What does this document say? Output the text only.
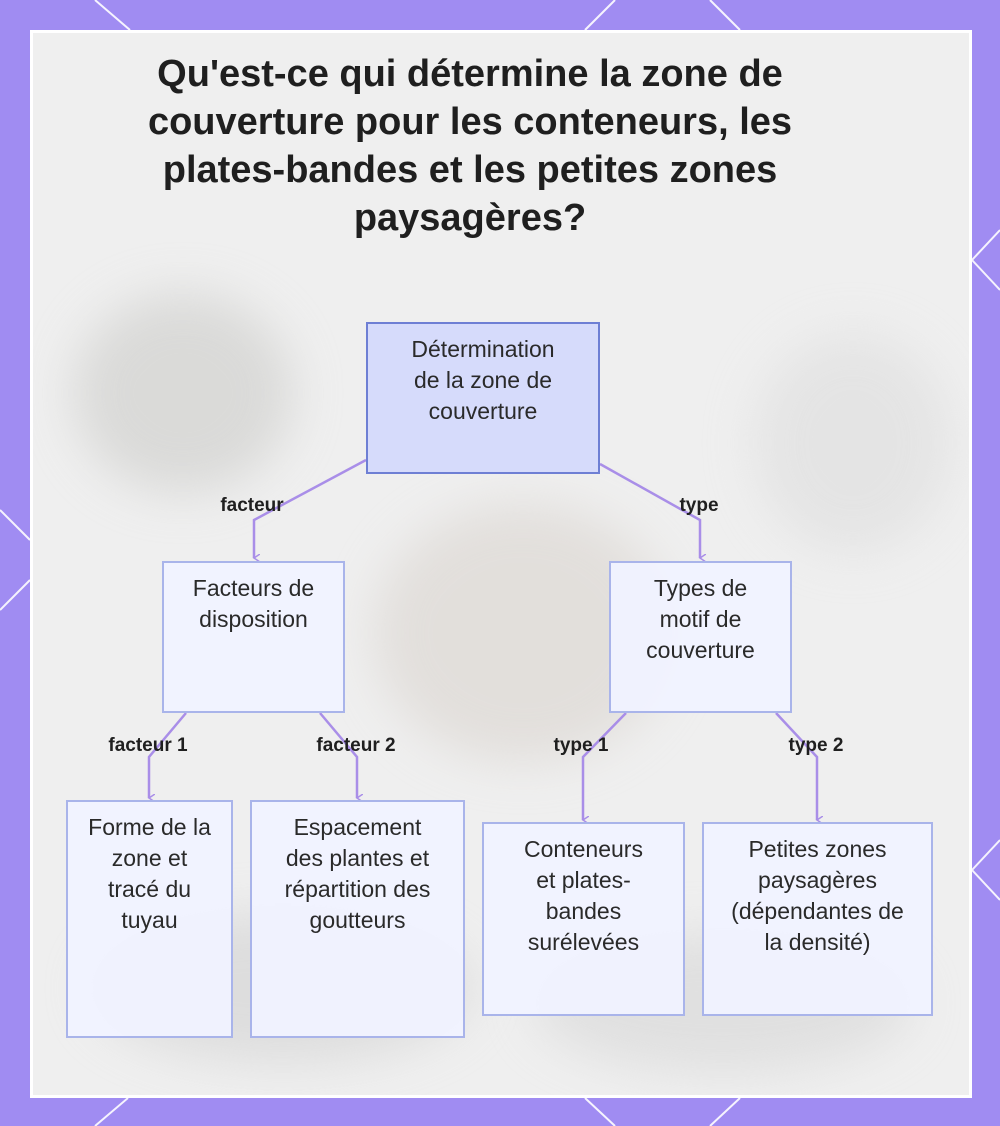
Qu'est-ce qui détermine la zone de couverture pour les conteneurs, les plates-bandes et les petites zones paysagères?
facteur	type
facteur 1	facteur 2	type 1	type 2
Détermination de la zone de couverture
Facteurs de disposition
Types de motif de couverture
Forme de la zone et tracé du tuyau
Espacement des plantes et répartition des goutteurs
Conteneurs et plates-bandes surélevées
Petites zones paysagères (dépendantes de la densité)
